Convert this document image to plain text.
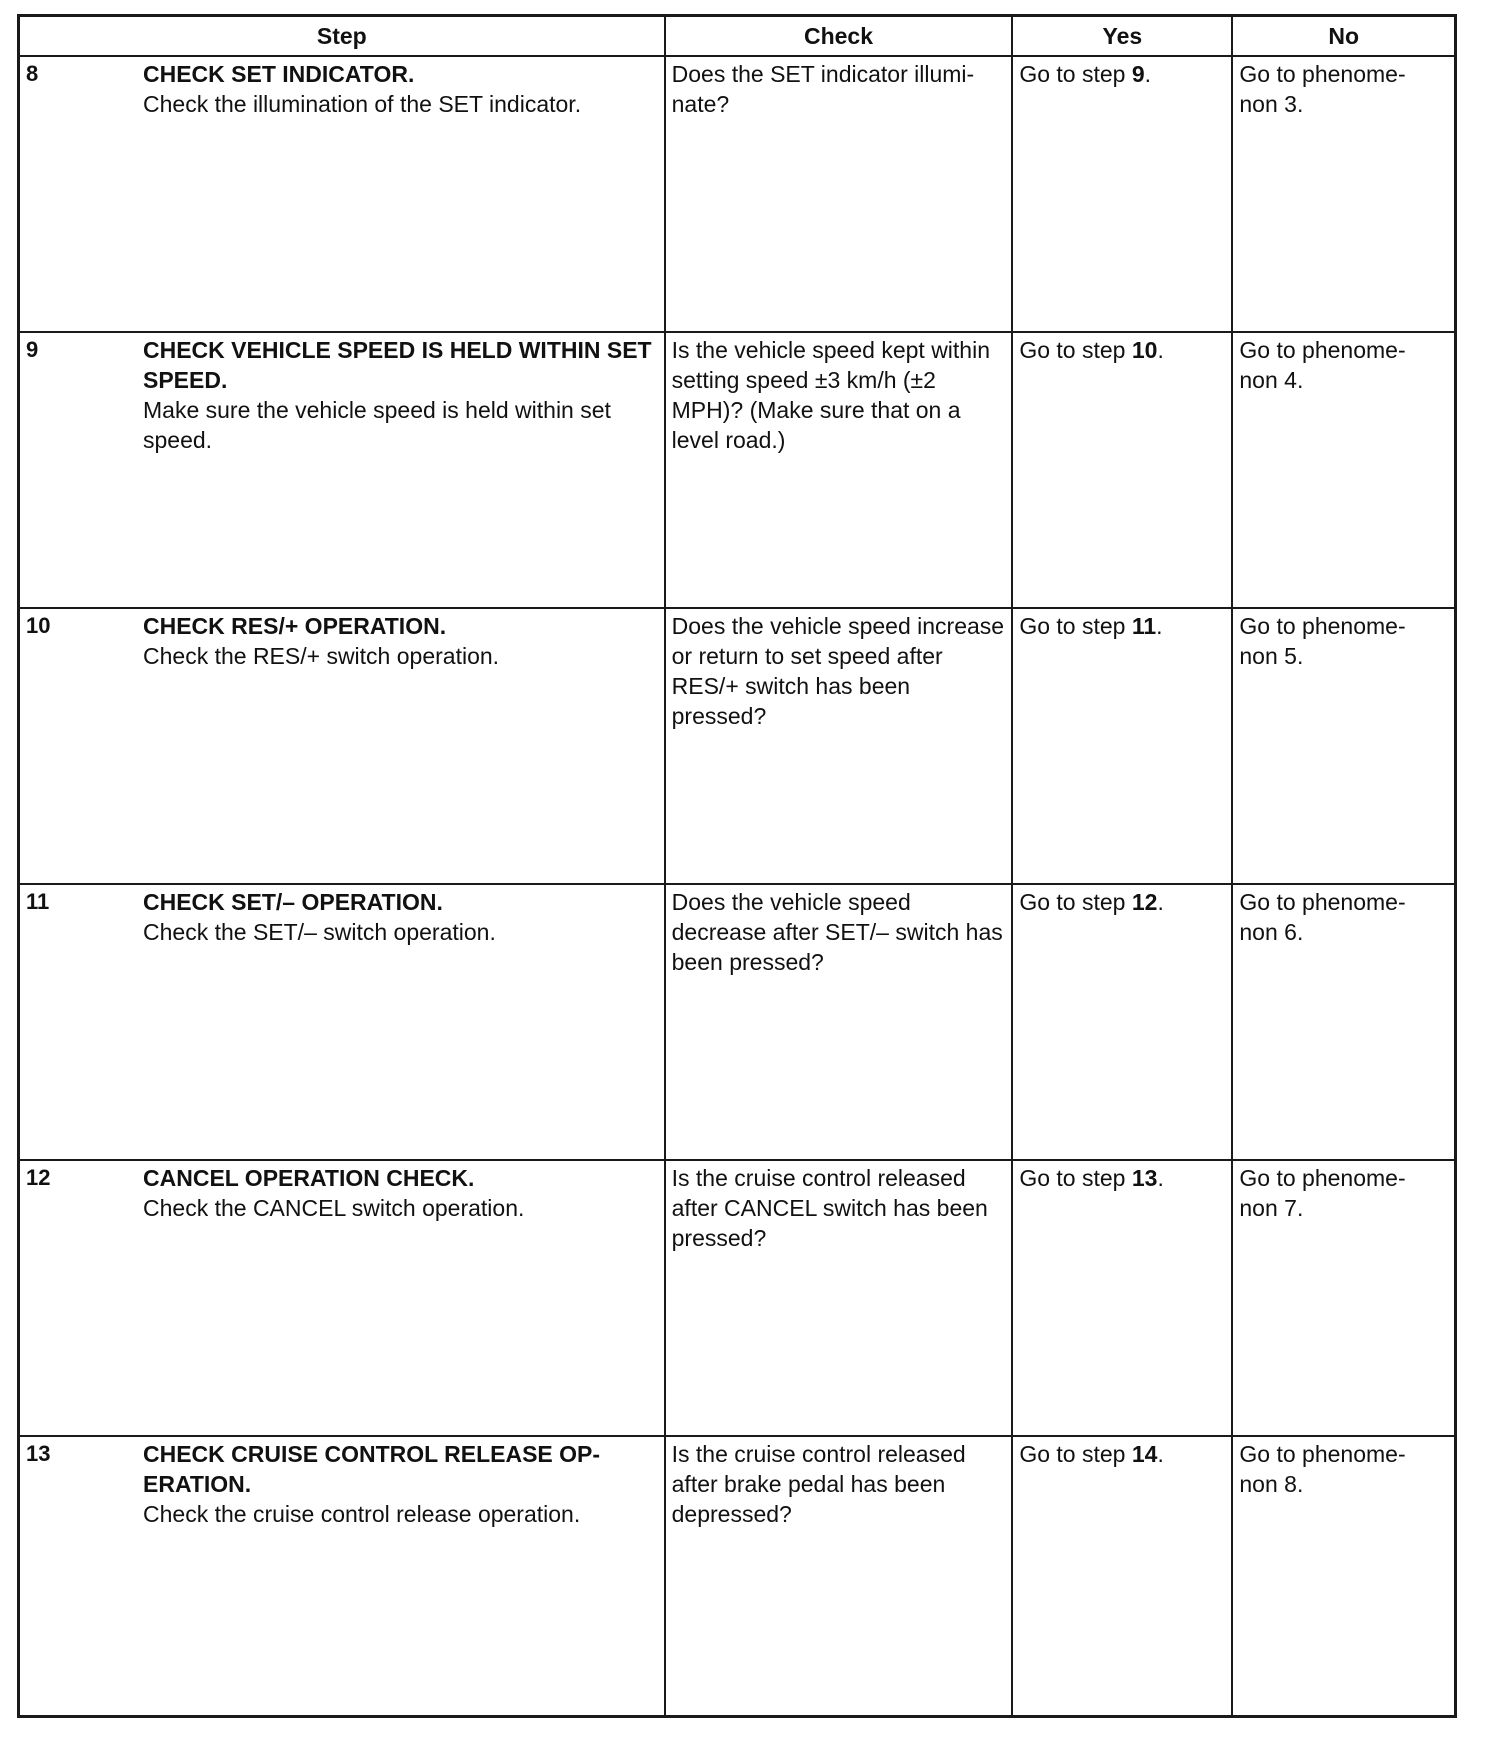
Step	Check	Yes	No

8 CHECK SET INDICATOR.
Check the illumination of the SET indicator.	Does the SET indicator illumi- nate?	Go to step 9.	Go to phenome- non 3.

9 CHECK VEHICLE SPEED IS HELD WITHIN SET SPEED.
Make sure the vehicle speed is held within set speed.	Is the vehicle speed kept within setting speed ±3 km/h (±2 MPH)? (Make sure that on a level road.)	Go to step 10.	Go to phenome- non 4.

10 CHECK RES/+ OPERATION.
Check the RES/+ switch operation.	Does the vehicle speed increase or return to set speed after RES/+ switch has been pressed?	Go to step 11.	Go to phenome- non 5.

11 CHECK SET/– OPERATION.
Check the SET/– switch operation.	Does the vehicle speed decrease after SET/– switch has been pressed?	Go to step 12.	Go to phenome- non 6.

12 CANCEL OPERATION CHECK.
Check the CANCEL switch operation.	Is the cruise control released after CANCEL switch has been pressed?	Go to step 13.	Go to phenome- non 7.

13 CHECK CRUISE CONTROL RELEASE OP- ERATION.
Check the cruise control release operation.	Is the cruise control released after brake pedal has been depressed?	Go to step 14.	Go to phenome- non 8.
